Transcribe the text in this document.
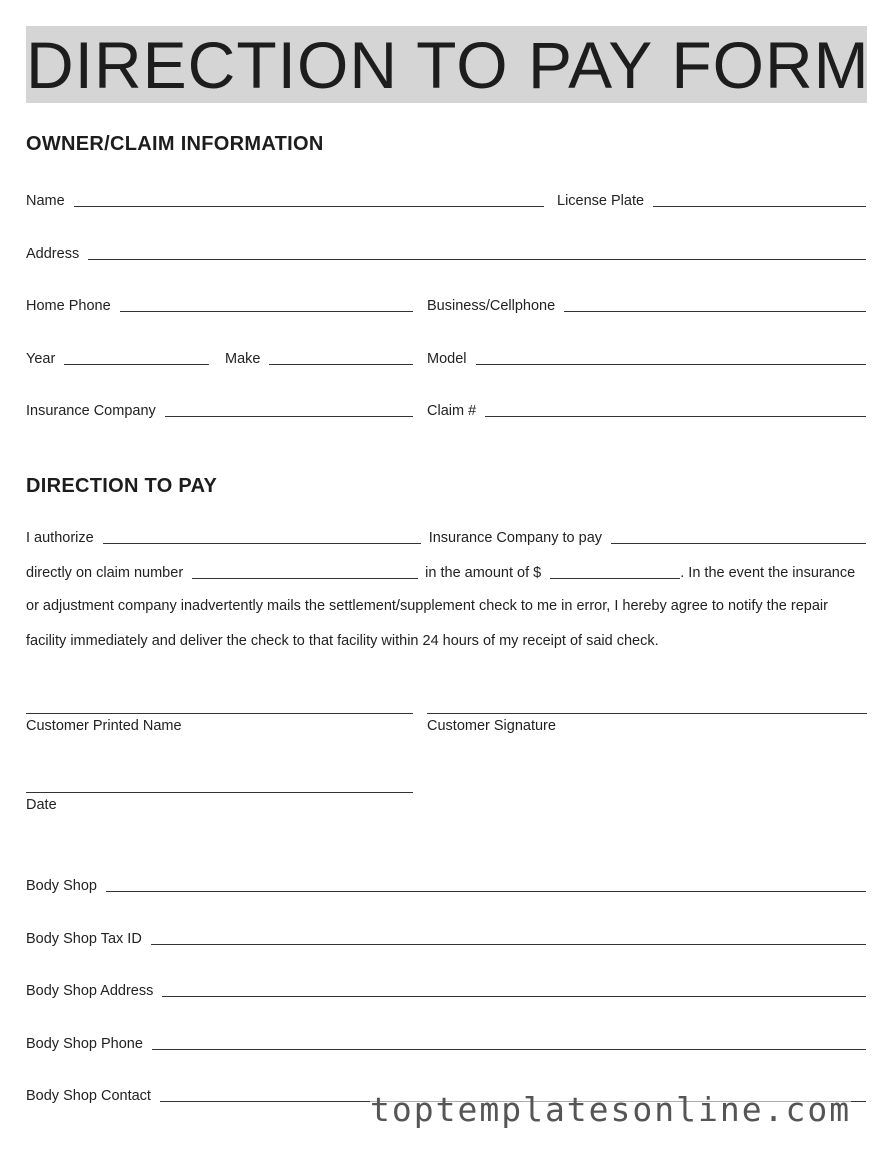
DIRECTION TO PAY FORM
OWNER/CLAIM INFORMATION
Name	License Plate
Address
Home Phone	Business/Cellphone
Year	Make	Model
Insurance Company	Claim #
DIRECTION TO PAY
I authorize	Insurance Company to pay
directly on claim number	in the amount of $	. In the event the insurance
or adjustment company inadvertently mails the settlement/supplement check to me in error, I hereby agree to notify the repair
facility immediately and deliver the check to that facility within 24 hours of my receipt of said check.
Customer Printed Name	Customer Signature
Date
Body Shop
Body Shop Tax ID
Body Shop Address
Body Shop Phone
Body Shop Contact	toptemplatesonline.com
